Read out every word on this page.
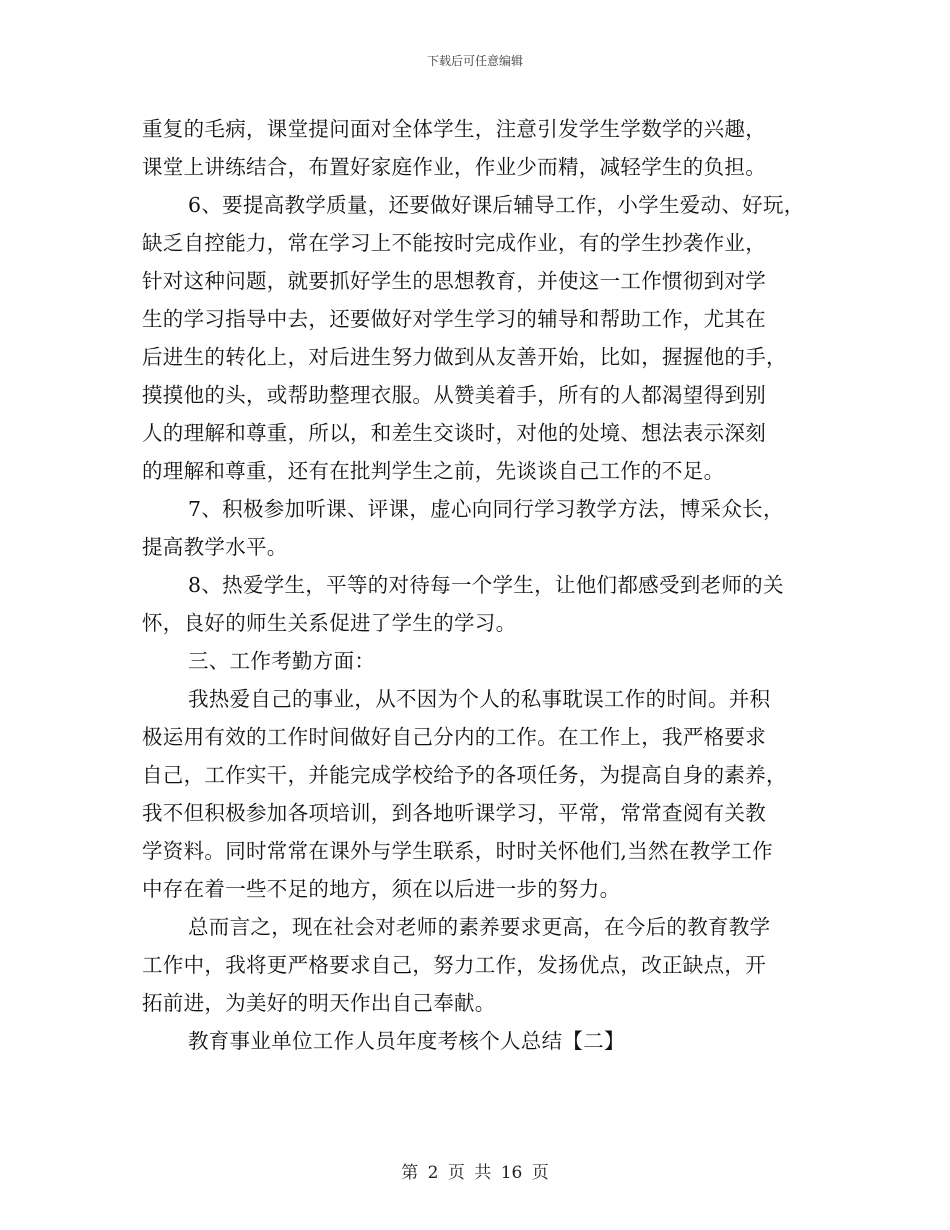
下载后可任意编辑
重复的毛病，课堂提问面对全体学生，注意引发学生学数学的兴趣，
课堂上讲练结合，布置好家庭作业，作业少而精，减轻学生的负担。
6、要提高教学质量，还要做好课后辅导工作，小学生爱动、好玩，
缺乏自控能力，常在学习上不能按时完成作业，有的学生抄袭作业，
针对这种问题，就要抓好学生的思想教育，并使这一工作惯彻到对学
生的学习指导中去，还要做好对学生学习的辅导和帮助工作，尤其在
后进生的转化上，对后进生努力做到从友善开始，比如，握握他的手，
摸摸他的头，或帮助整理衣服。从赞美着手，所有的人都渴望得到别
人的理解和尊重，所以，和差生交谈时，对他的处境、想法表示深刻
的理解和尊重，还有在批判学生之前，先谈谈自己工作的不足。
7、积极参加听课、评课，虚心向同行学习教学方法，博采众长，
提高教学水平。
8、热爱学生，平等的对待每一个学生，让他们都感受到老师的关
怀，良好的师生关系促进了学生的学习。
三、工作考勤方面：
我热爱自己的事业，从不因为个人的私事耽误工作的时间。并积
极运用有效的工作时间做好自己分内的工作。在工作上，我严格要求
自己，工作实干，并能完成学校给予的各项任务，为提高自身的素养，
我不但积极参加各项培训，到各地听课学习，平常，常常查阅有关教
学资料。同时常常在课外与学生联系，时时关怀他们,当然在教学工作
中存在着一些不足的地方，须在以后进一步的努力。
总而言之，现在社会对老师的素养要求更高，在今后的教育教学
工作中，我将更严格要求自己，努力工作，发扬优点，改正缺点，开
拓前进，为美好的明天作出自己奉献。
教育事业单位工作人员年度考核个人总结【二】
第 2 页 共 16 页
